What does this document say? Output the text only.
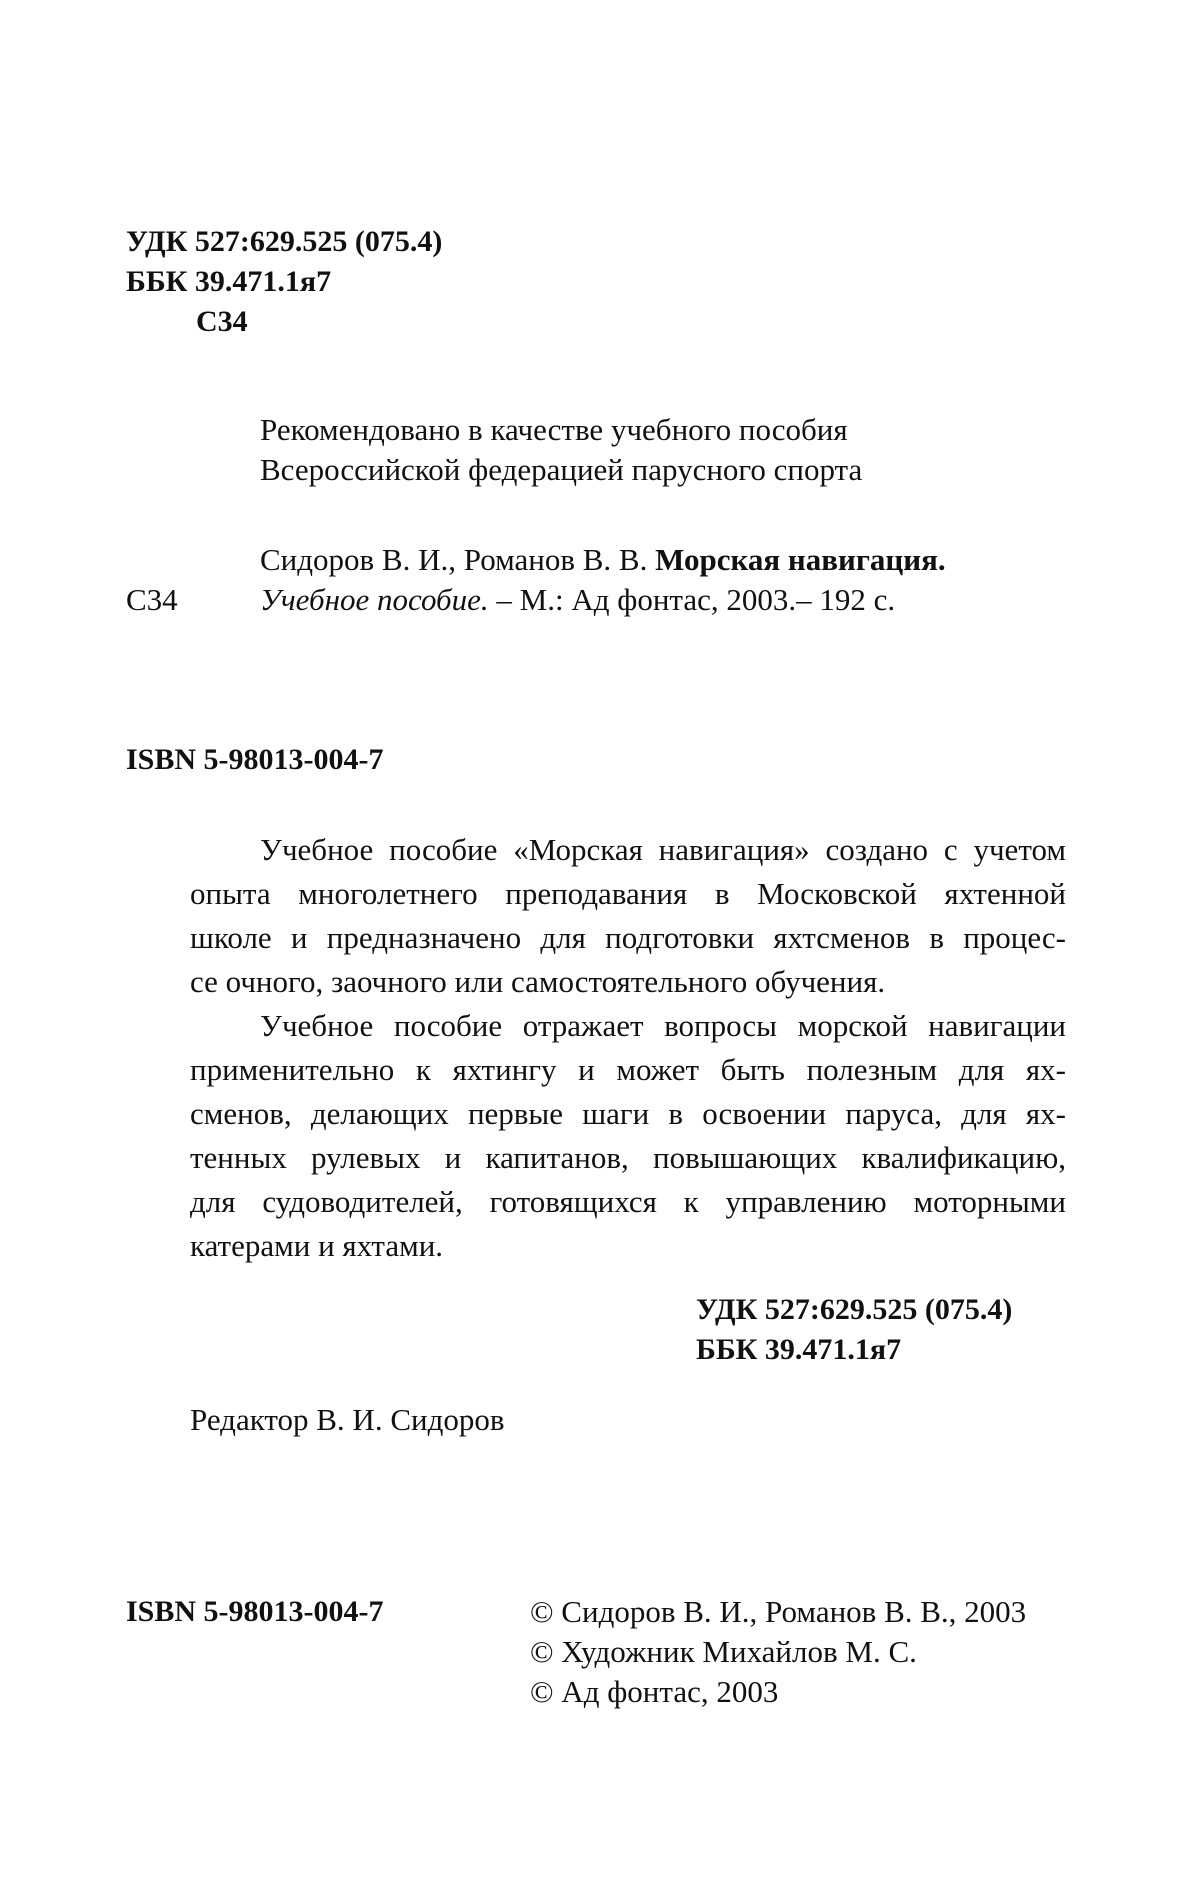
УДК 527:629.525 (075.4)
ББК 39.471.1я7
С34
Рекомендовано в качестве учебного пособия
Всероссийской федерацией парусного спорта
Сидоров В. И., Романов В. В. Морская навигация.
С34	Учебное пособие. – М.: Ад фонтас, 2003.– 192 с.
ISBN 5-98013-004-7
Учебное пособие «Морская навигация» создано с учетом
опыта многолетнего преподавания в Московской яхтенной
школе и предназначено для подготовки яхтсменов в процес-
се очного, заочного или самостоятельного обучения.
Учебное пособие отражает вопросы морской навигации
применительно к яхтингу и может быть полезным для ях-
сменов, делающих первые шаги в освоении паруса, для ях-
тенных рулевых и капитанов, повышающих квалификацию,
для судоводителей, готовящихся к управлению моторными
катерами и яхтами.
УДК 527:629.525 (075.4)
ББК 39.471.1я7
Редактор В. И. Сидоров
ISBN 5-98013-004-7	© Сидоров В. И., Романов В. В., 2003
© Художник Михайлов М. С.
© Ад фонтас, 2003
